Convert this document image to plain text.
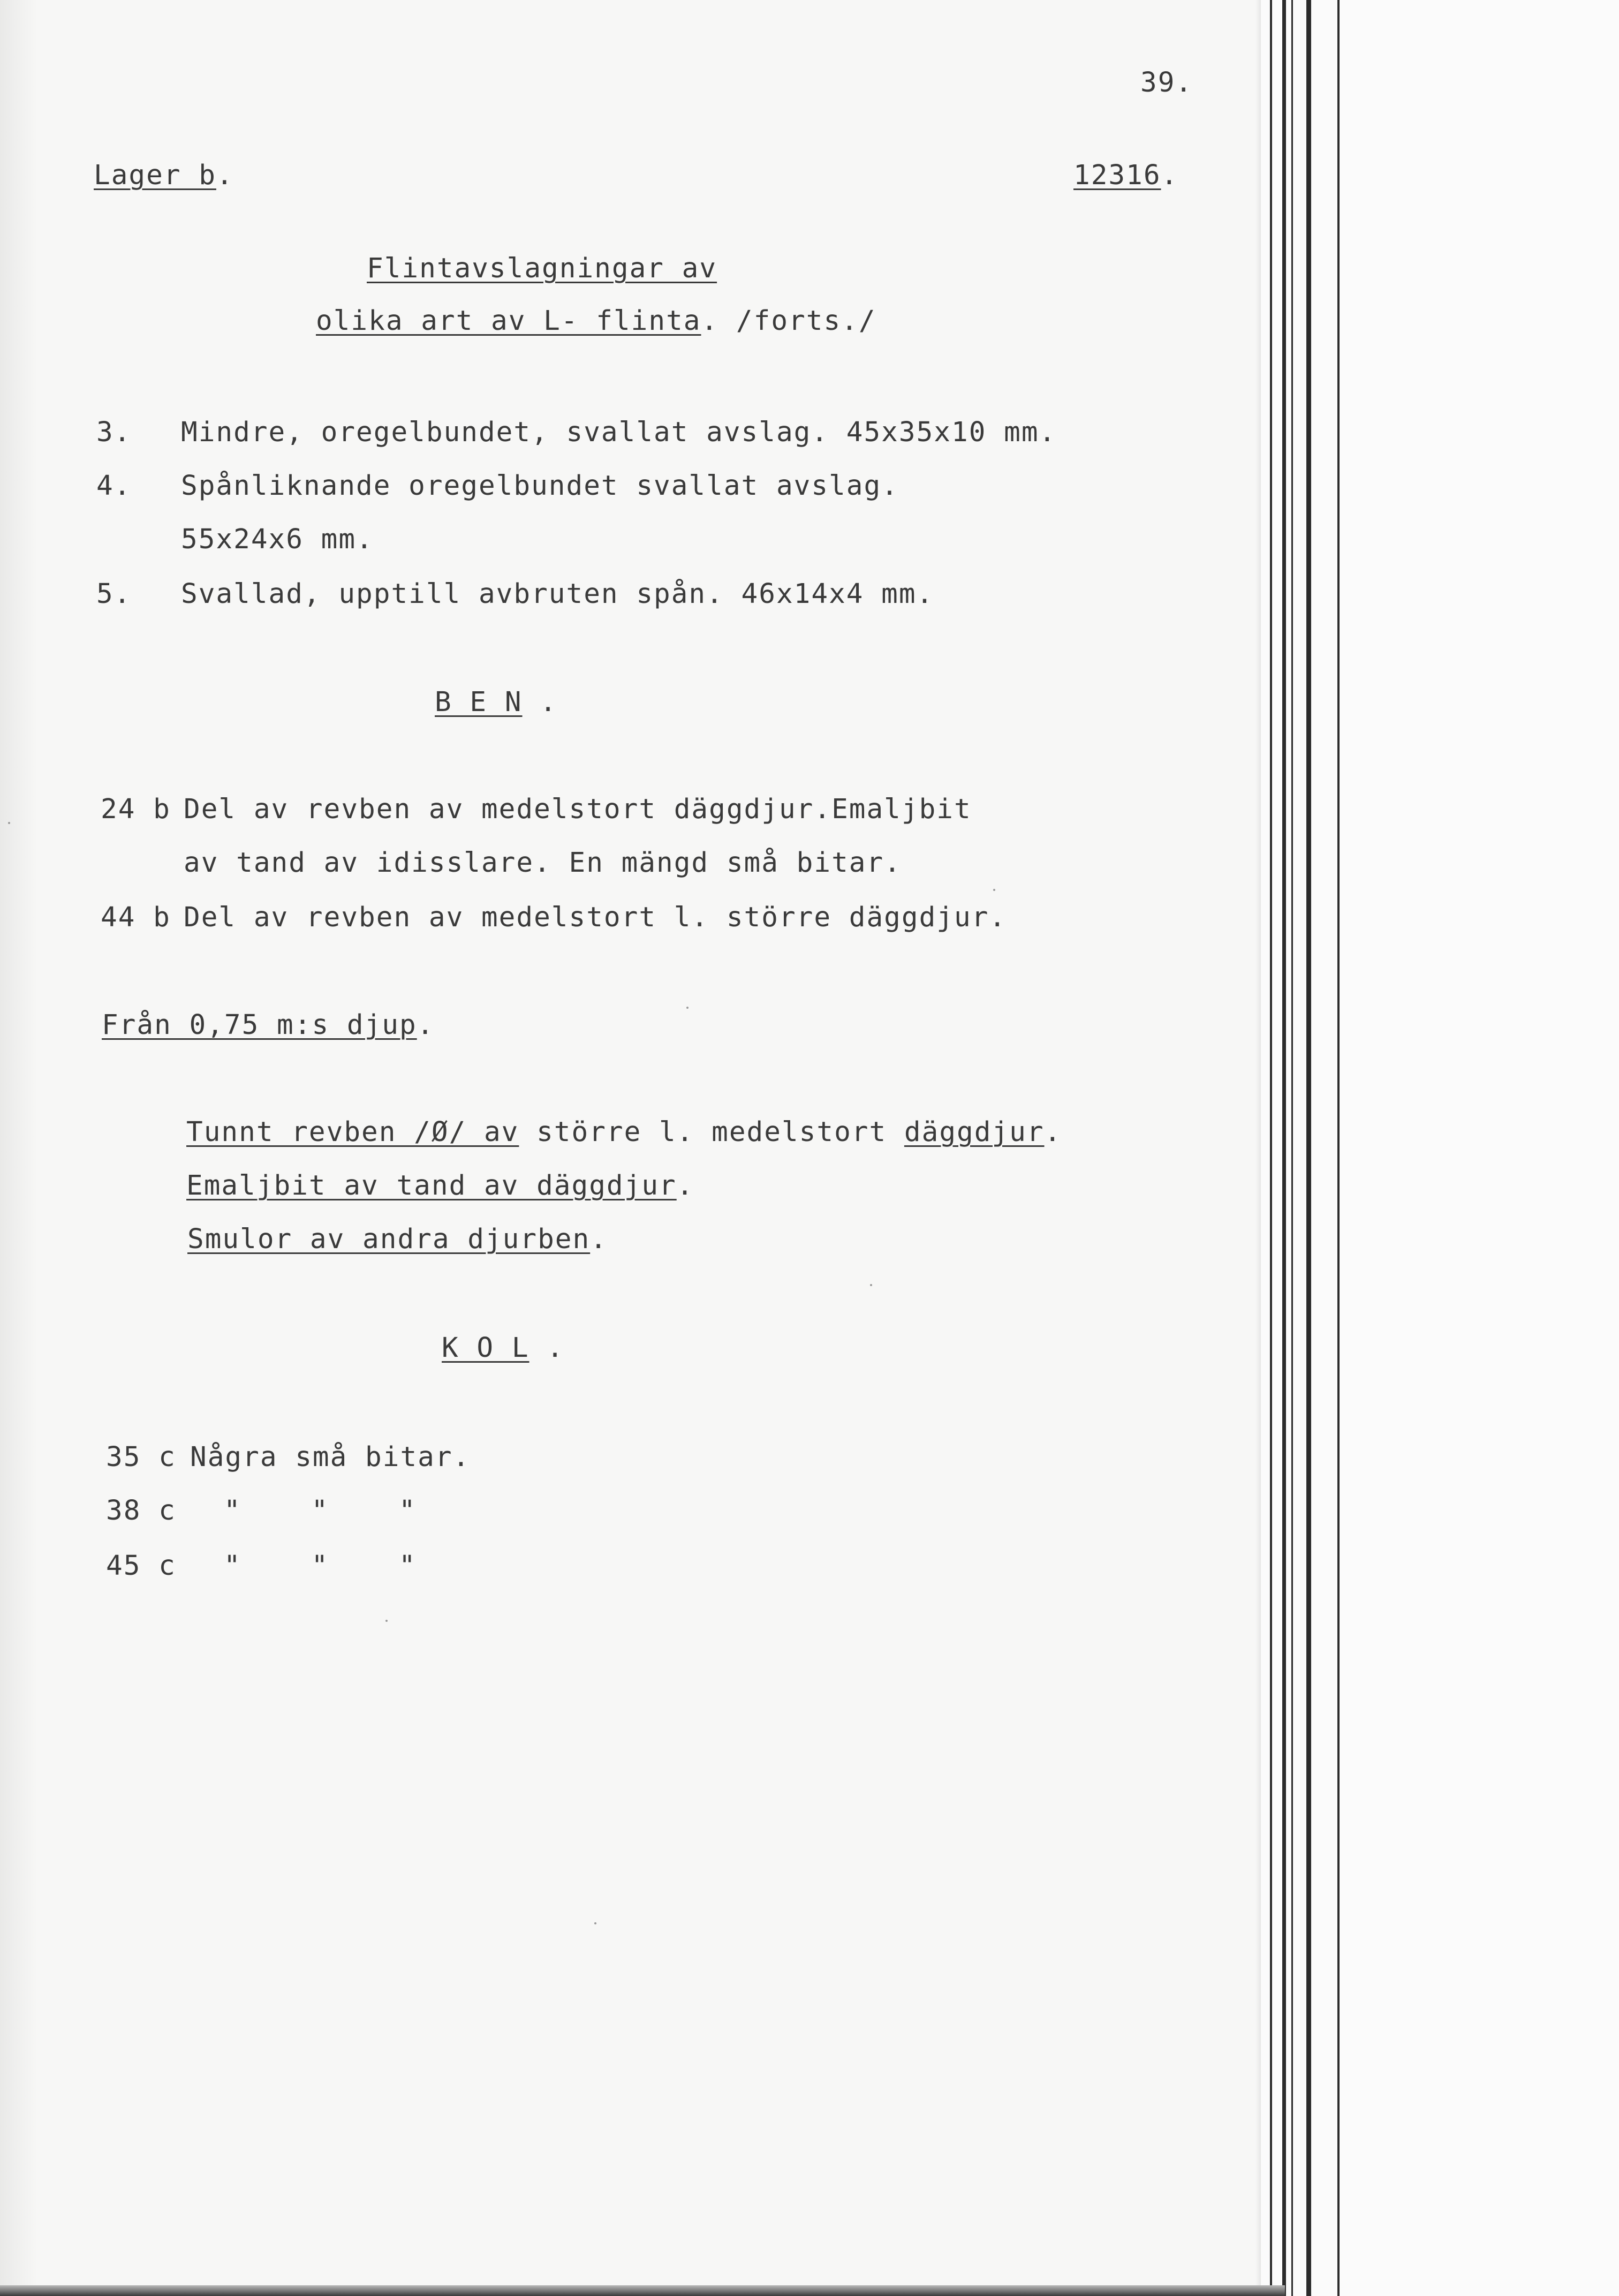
39.
Lager b.	12316.
Flintavslagningar av
olika art av L- flinta. /forts./
3. Mindre, oregelbundet, svallat avslag. 45x35x10 mm.
4. Spånliknande oregelbundet svallat avslag.
55x24x6 mm.
5. Svallad, upptill avbruten spån. 46x14x4 mm.
B E N .
24 b Del av revben av medelstort däggdjur.Emaljbit
av tand av idisslare. En mängd små bitar.
44 b Del av revben av medelstort l. större däggdjur.
Från 0,75 m:s djup.
Tunnt revben /Ø/ av större l. medelstort däggdjur.
Emaljbit av tand av däggdjur.
Smulor av andra djurben.
K O L .
35 c Några små bitar.
38 c "    "    "
45 c "    "    "
